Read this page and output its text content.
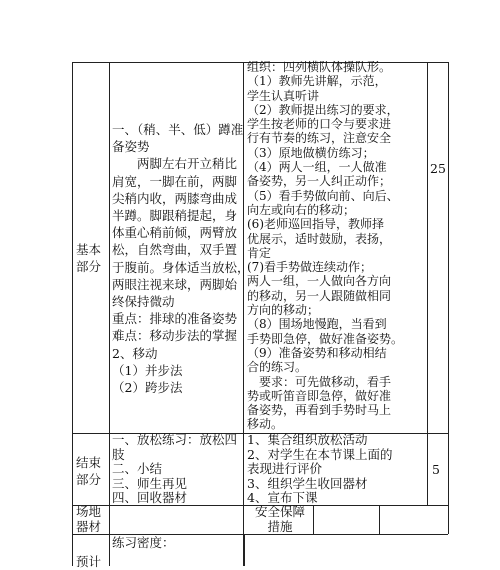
基本
部分
一、（稍、半、低）蹲准
备姿势
　　两脚左右开立稍比
肩宽，一脚在前，两脚
尖稍内收，两膝弯曲成
半蹲。脚跟稍提起，身
体重心稍前倾，两臂放
松，自然弯曲，双手置
于腹前。身体适当放松，
两眼注视来球，两脚始
终保持微动
重点：排球的准备姿势
难点：移动步法的掌握
2、移动
（1）并步法
（2）跨步法
组织：四列横队体操队形。
（1）教师先讲解，示范，
学生认真听讲
（2）教师提出练习的要求，
学生按老师的口令与要求进
行有节奏的练习，注意安全
（3）原地做横仿练习；
（4）两人一组，一人做准
备姿势，另一人纠正动作；
（5）看手势做向前、向后、
向左或向右的移动；
(6)老师巡回指导，教师择
优展示，适时鼓励，表扬，
肯定
(7)看手势做连续动作；
两人一组，一人做向各方向
的移动，另一人跟随做相同
方向的移动；
（8）围场地慢跑，当看到
手势即急停，做好准备姿势。
（9）准备姿势和移动相结
合的练习。
　要求：可先做移动，看手
势或听笛音即急停，做好准
备姿势，再看到手势时马上
移动。
25
结束
部分
一、放松练习：放松四
肢
二、小结
三、师生再见
四、回收器材
1、集合组织放松活动
2、对学生在本节课上面的
表现进行评价
3、组织学生收回器材
4、宣布下课
5
场地
器材
安全保障
措施
预计
练习密度：
